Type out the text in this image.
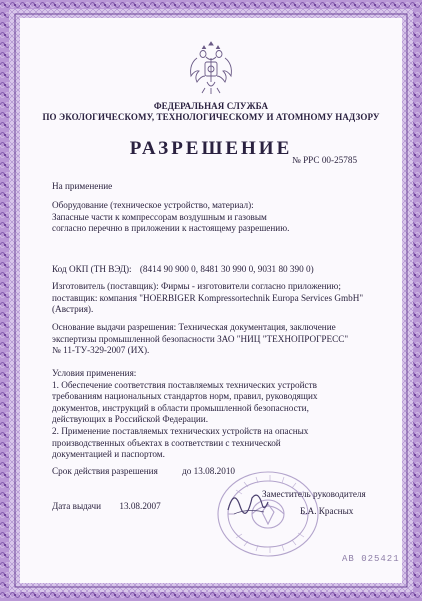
ФЕДЕРАЛЬНАЯ СЛУЖБА
ПО ЭКОЛОГИЧЕСКОМУ, ТЕХНОЛОГИЧЕСКОМУ И АТОМНОМУ НАДЗОРУ
РАЗРЕШЕНИЕ
№ РРС 00-25785
На применение
Оборудование (техническое устройство, материал):
Запасные части к компрессорам воздушным и газовым
согласно перечню в приложении к настоящему разрешению.
Код ОКП (ТН ВЭД): (8414 90 900 0, 8481 30 990 0, 9031 80 390 0)
Изготовитель (поставщик): Фирмы - изготовители согласно приложению;
поставщик: компания "HOERBIGER Kompressortechnik Europa Services GmbH"
(Австрия).
Основание выдачи разрешения: Техническая документация, заключение
экспертизы промышленной безопасности ЗАО "НИЦ "ТЕХНОПРОГРЕСС"
№ 11-ТУ-329-2007 (ИХ).
Условия применения:
1. Обеспечение соответствия поставляемых технических устройств
требованиям национальных стандартов норм, правил, руководящих
документов, инструкций в области промышленной безопасности,
действующих в Российской Федерации.
2. Применение поставляемых технических устройств на опасных
производственных объектах в соответствии с технической
документацией и паспортом.
Срок действия разрешения	до 13.08.2010
Заместитель руководителя
Б.А. Красных
Дата выдачи 13.08.2007
АВ 025421
